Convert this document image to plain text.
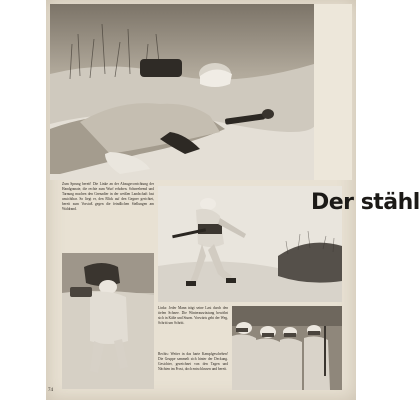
Zum Sprung bereit! Die Linke an der Abzugsvorrichtung der Handgranate, die rechte zum Wurf erhoben. Schneehemd und Tarnung machen den Grenadier in der weißen Landschaft fast unsichtbar. So liegt er, den Blick auf den Gegner gerichtet, bereit zum Vorstoß gegen die feindlichen Stellungen am Waldrand.
Links: Jeder Mann trägt seine Last durch den tiefen Schnee. Die Winterausrüstung bewährt sich in Kälte und Sturm. Vorwärts geht der Weg, Schritt um Schritt.
Rechts: Weiter in das harte Kampfgeschehen! Die Gruppe sammelt sich hinter der Deckung. Gesichter, gezeichnet von den Tagen und Nächten im Frost, doch entschlossen und bereit.
Der stähl
74
